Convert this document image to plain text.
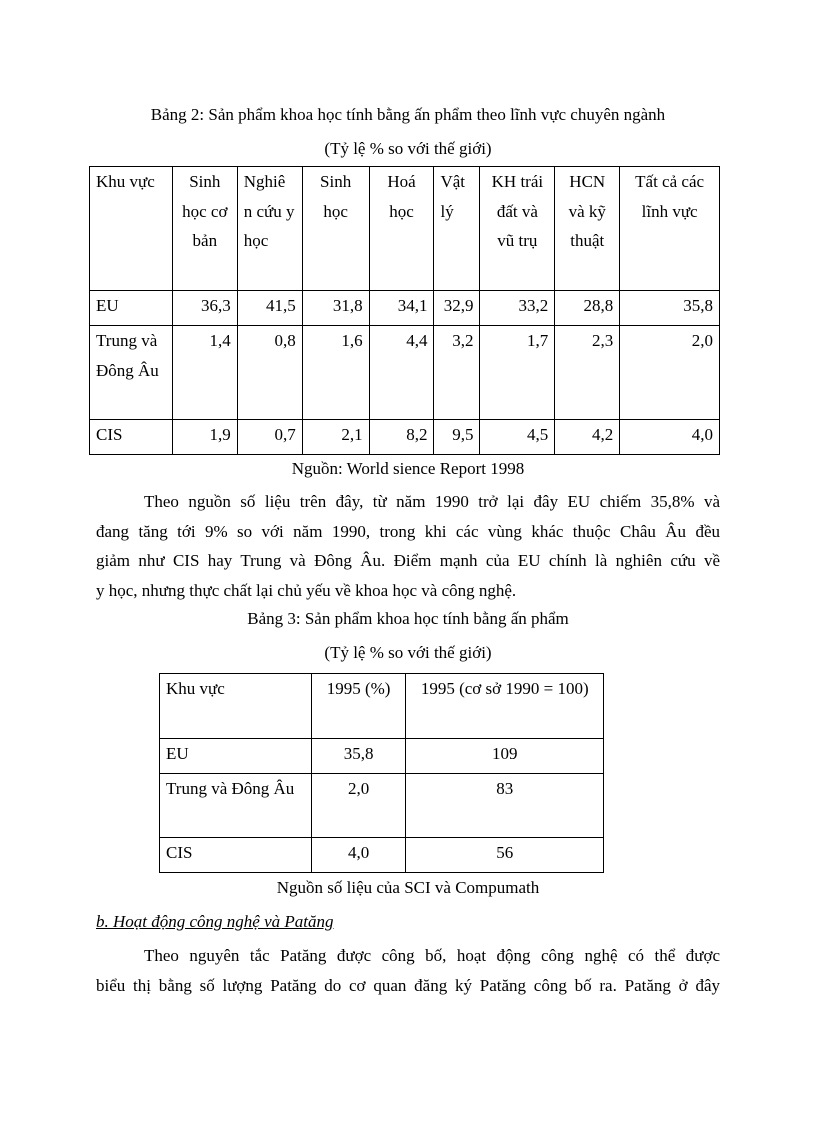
Bảng 2: Sản phẩm khoa học tính bằng ấn phẩm theo lĩnh vực chuyên ngành
(Tỷ lệ % so với thế giới)
Khu vực	Sinh học cơ bản	Nghiê n cứu y học	Sinh học	Hoá học	Vật lý	KH trái đất và vũ trụ	HCN và kỹ thuật	Tất cả các lĩnh vực
EU	36,3	41,5	31,8	34,1	32,9	33,2	28,8	35,8
Trung và Đông Âu	1,4	0,8	1,6	4,4	3,2	1,7	2,3	2,0
CIS	1,9	0,7	2,1	8,2	9,5	4,5	4,2	4,0
Nguồn: World sience Report 1998
Theo nguồn số liệu trên đây, từ năm 1990 trở lại đây EU chiếm 35,8% và
đang tăng tới 9% so với năm 1990, trong khi các vùng khác thuộc Châu Âu đều
giảm như CIS hay Trung và Đông Âu. Điểm mạnh của EU chính là nghiên cứu về
y học, nhưng thực chất lại chủ yếu về khoa học và công nghệ.
Bảng 3: Sản phẩm khoa học tính bằng ấn phẩm
(Tỷ lệ % so với thế giới)
Khu vực	1995 (%)	1995 (cơ sở 1990 = 100)
EU	35,8	109
Trung và Đông Âu	2,0	83
CIS	4,0	56
Nguồn số liệu của SCI và Compumath
b. Hoạt động công nghệ và Patăng
Theo nguyên tắc Patăng được công bố, hoạt động công nghệ có thể được
biểu thị bằng số lượng Patăng do cơ quan đăng ký Patăng công bố ra. Patăng ở đây
